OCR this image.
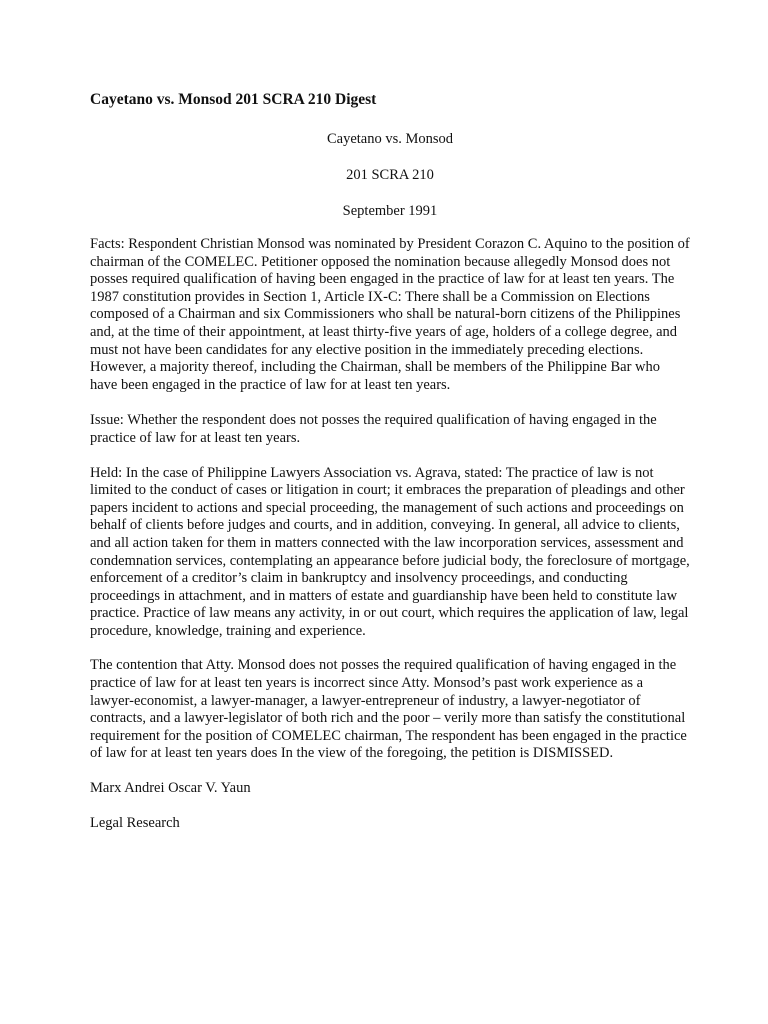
Cayetano vs. Monsod 201 SCRA 210 Digest

Cayetano vs. Monsod

201 SCRA 210

September 1991

Facts: Respondent Christian Monsod was nominated by President Corazon C. Aquino to the position of chairman of the COMELEC. Petitioner opposed the nomination because allegedly Monsod does not posses required qualification of having been engaged in the practice of law for at least ten years. The 1987 constitution provides in Section 1, Article IX-C: There shall be a Commission on Elections composed of a Chairman and six Commissioners who shall be natural-born citizens of the Philippines and, at the time of their appointment, at least thirty-five years of age, holders of a college degree, and must not have been candidates for any elective position in the immediately preceding elections. However, a majority thereof, including the Chairman, shall be members of the Philippine Bar who have been engaged in the practice of law for at least ten years.

Issue: Whether the respondent does not posses the required qualification of having engaged in the practice of law for at least ten years.

Held: In the case of Philippine Lawyers Association vs. Agrava, stated: The practice of law is not limited to the conduct of cases or litigation in court; it embraces the preparation of pleadings and other papers incident to actions and special proceeding, the management of such actions and proceedings on behalf of clients before judges and courts, and in addition, conveying. In general, all advice to clients, and all action taken for them in matters connected with the law incorporation services, assessment and condemnation services, contemplating an appearance before judicial body, the foreclosure of mortgage, enforcement of a creditor’s claim in bankruptcy and insolvency proceedings, and conducting proceedings in attachment, and in matters of estate and guardianship have been held to constitute law practice. Practice of law means any activity, in or out court, which requires the application of law, legal procedure, knowledge, training and experience.

The contention that Atty. Monsod does not posses the required qualification of having engaged in the practice of law for at least ten years is incorrect since Atty. Monsod’s past work experience as a lawyer-economist, a lawyer-manager, a lawyer-entrepreneur of industry, a lawyer-negotiator of contracts, and a lawyer-legislator of both rich and the poor – verily more than satisfy the constitutional requirement for the position of COMELEC chairman, The respondent has been engaged in the practice of law for at least ten years does In the view of the foregoing, the petition is DISMISSED.

Marx Andrei Oscar V. Yaun

Legal Research
